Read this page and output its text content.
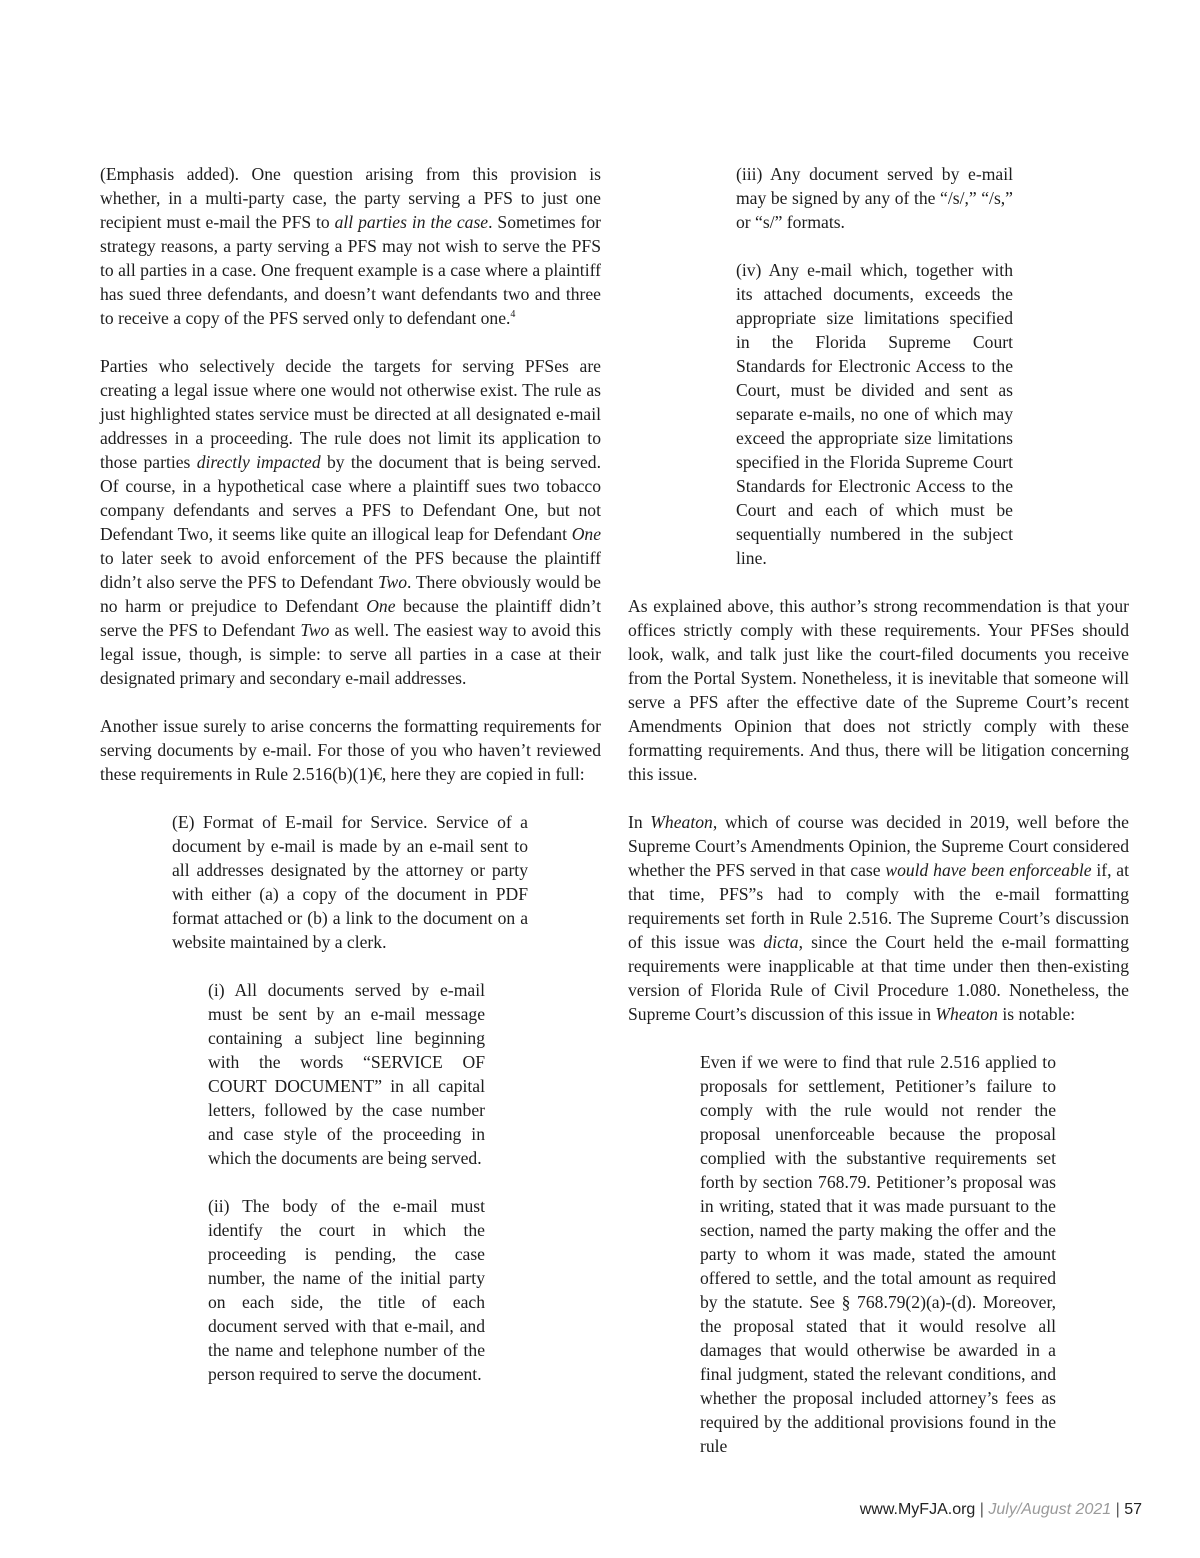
(Emphasis added). One question arising from this provision is whether, in a multi-party case, the party serving a PFS to just one recipient must e-mail the PFS to all parties in the case. Sometimes for strategy reasons, a party serving a PFS may not wish to serve the PFS to all parties in a case. One frequent example is a case where a plaintiff has sued three defendants, and doesn’t want defendants two and three to receive a copy of the PFS served only to defendant one.$^4$

Parties who selectively decide the targets for serving PFSes are creating a legal issue where one would not otherwise exist. The rule as just highlighted states service must be directed at all designated e-mail addresses in a proceeding. The rule does not limit its application to those parties directly impacted by the document that is being served. Of course, in a hypothetical case where a plaintiff sues two tobacco company defendants and serves a PFS to Defendant One, but not Defendant Two, it seems like quite an illogical leap for Defendant One to later seek to avoid enforcement of the PFS because the plaintiff didn’t also serve the PFS to Defendant Two. There obviously would be no harm or prejudice to Defendant One because the plaintiff didn’t serve the PFS to Defendant Two as well. The easiest way to avoid this legal issue, though, is simple: to serve all parties in a case at their designated primary and secondary e-mail addresses.

Another issue surely to arise concerns the formatting requirements for serving documents by e-mail. For those of you who haven’t reviewed these requirements in Rule 2.516(b)(1)€, here they are copied in full:

(E) Format of E-mail for Service. Service of a document by e-mail is made by an e-mail sent to all addresses designated by the attorney or party with either (a) a copy of the document in PDF format attached or (b) a link to the document on a website maintained by a clerk.

(i) All documents served by e-mail must be sent by an e-mail message containing a subject line beginning with the words “SERVICE OF COURT DOCUMENT” in all capital letters, followed by the case number and case style of the proceeding in which the documents are being served.

(ii) The body of the e-mail must identify the court in which the proceeding is pending, the case number, the name of the initial party on each side, the title of each document served with that e-mail, and the name and telephone number of the person required to serve the document.

(iii) Any document served by e-mail may be signed by any of the “/s/,” “/s,” or “s/” formats.

(iv) Any e-mail which, together with its attached documents, exceeds the appropriate size limitations specified in the Florida Supreme Court Standards for Electronic Access to the Court, must be divided and sent as separate e-mails, no one of which may exceed the appropriate size limitations specified in the Florida Supreme Court Standards for Electronic Access to the Court and each of which must be sequentially numbered in the subject line.

As explained above, this author’s strong recommendation is that your offices strictly comply with these requirements. Your PFSes should look, walk, and talk just like the court-filed documents you receive from the Portal System. Nonetheless, it is inevitable that someone will serve a PFS after the effective date of the Supreme Court’s recent Amendments Opinion that does not strictly comply with these formatting requirements. And thus, there will be litigation concerning this issue.

In Wheaton, which of course was decided in 2019, well before the Supreme Court’s Amendments Opinion, the Supreme Court considered whether the PFS served in that case would have been enforceable if, at that time, PFS”s had to comply with the e-mail formatting requirements set forth in Rule 2.516. The Supreme Court’s discussion of this issue was dicta, since the Court held the e-mail formatting requirements were inapplicable at that time under then then-existing version of Florida Rule of Civil Procedure 1.080. Nonetheless, the Supreme Court’s discussion of this issue in Wheaton is notable:

Even if we were to find that rule 2.516 applied to proposals for settlement, Petitioner’s failure to comply with the rule would not render the proposal unenforceable because the proposal complied with the substantive requirements set forth by section 768.79. Petitioner’s proposal was in writing, stated that it was made pursuant to the section, named the party making the offer and the party to whom it was made, stated the amount offered to settle, and the total amount as required by the statute. See § 768.79(2)(a)-(d). Moreover, the proposal stated that it would resolve all damages that would otherwise be awarded in a final judgment, stated the relevant conditions, and whether the proposal included attorney’s fees as required by the additional provisions found in the rule

www.MyFJA.org | July/August 2021 | 57
